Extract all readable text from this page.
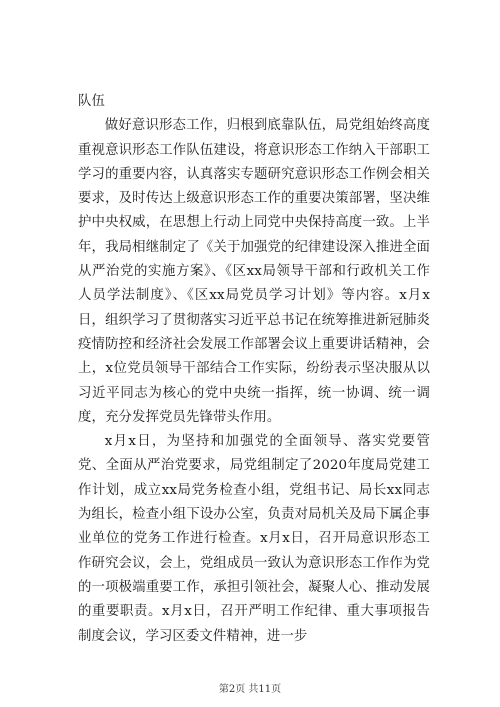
队伍

做好意识形态工作，归根到底靠队伍，局党组始终高度重视意识形态工作队伍建设，将意识形态工作纳入干部职工学习的重要内容，认真落实专题研究意识形态工作例会相关要求，及时传达上级意识形态工作的重要决策部署，坚决维护中央权威，在思想上行动上同党中央保持高度一致。上半年，我局相继制定了《关于加强党的纪律建设深入推进全面从严治党的实施方案》、《区xx局领导干部和行政机关工作人员学法制度》、《区xx局党员学习计划》等内容。x月x日，组织学习了贯彻落实习近平总书记在统筹推进新冠肺炎疫情防控和经济社会发展工作部署会议上重要讲话精神，会上，x位党员领导干部结合工作实际，纷纷表示坚决服从以习近平同志为核心的党中央统一指挥，统一协调、统一调度，充分发挥党员先锋带头作用。

x月x日，为坚持和加强党的全面领导、落实党要管党、全面从严治党要求，局党组制定了2020年度局党建工作计划，成立xx局党务检查小组，党组书记、局长xx同志为组长，检查小组下设办公室，负责对局机关及局下属企事业单位的党务工作进行检查。x月x日，召开局意识形态工作研究会议，会上，党组成员一致认为意识形态工作作为党的一项极端重要工作，承担引领社会，凝聚人心、推动发展的重要职责。x月x日，召开严明工作纪律、重大事项报告制度会议，学习区委文件精神，进一步

第2页 共11页
